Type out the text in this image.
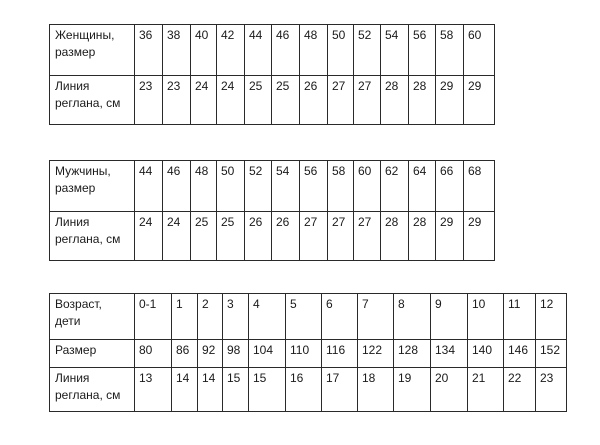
Женщины, размер	36	38	40	42	44	46	48	50	52	54	56	58	60
Линия реглана, см	23	23	24	24	25	25	26	27	27	28	28	29	29
Мужчины, размер	44	46	48	50	52	54	56	58	60	62	64	66	68
Линия реглана, см	24	24	25	25	26	26	27	27	27	28	28	29	29
Возраст, дети	0-1	1	2	3	4	5	6	7	8	9	10	11	12
Размер	80	86	92	98	104	110	116	122	128	134	140	146	152
Линия реглана, см	13	14	14	15	15	16	17	18	19	20	21	22	23
